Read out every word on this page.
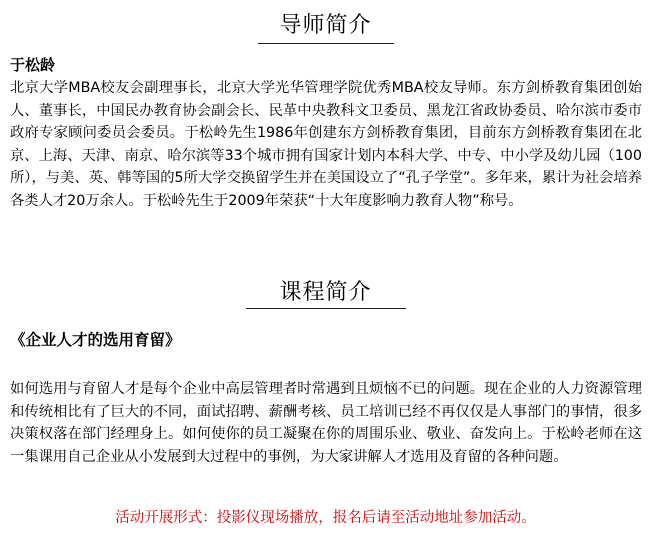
导师简介
于松龄

北京大学MBA校友会副理事长，北京大学光华管理学院优秀MBA校友导师。东方剑桥教育集团创始人、董事长，中国民办教育协会副会长、民革中央教科文卫委员、黑龙江省政协委员、哈尔滨市委市政府专家顾问委员会委员。于松岭先生1986年创建东方剑桥教育集团，目前东方剑桥教育集团在北京、上海、天津、南京、哈尔滨等33个城市拥有国家计划内本科大学、中专、中小学及幼儿园（100所），与美、英、韩等国的5所大学交换留学生并在美国设立了“孔子学堂”。多年来，累计为社会培养各类人才20万余人。于松岭先生于2009年荣获“十大年度影响力教育人物”称号。

课程简介
《企业人才的选用育留》

如何选用与育留人才是每个企业中高层管理者时常遇到且烦恼不已的问题。现在企业的人力资源管理和传统相比有了巨大的不同，面试招聘、薪酬考核、员工培训已经不再仅仅是人事部门的事情，很多决策权落在部门经理身上。如何使你的员工凝聚在你的周围乐业、敬业、奋发向上。于松岭老师在这一集课用自己企业从小发展到大过程中的事例，为大家讲解人才选用及育留的各种问题。

活动开展形式：投影仪现场播放，报名后请至活动地址参加活动。
